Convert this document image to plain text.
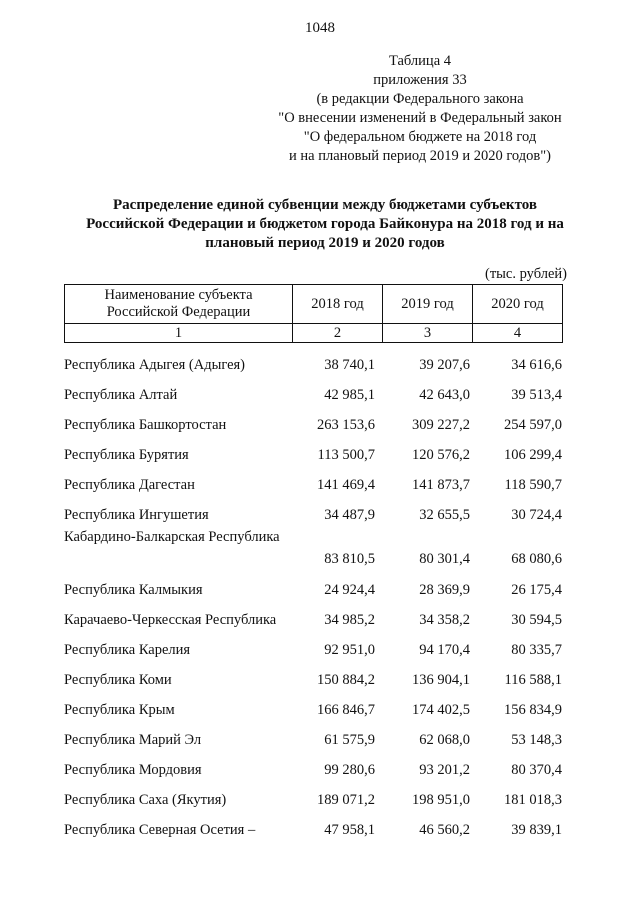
1048
Таблица 4
приложения 33
(в редакции Федерального закона
"О внесении изменений в Федеральный закон
"О федеральном бюджете на 2018 год
и на плановый период 2019 и 2020 годов")
Распределение единой субвенции между бюджетами субъектов
Российской Федерации и бюджетом города Байконура на 2018 год и на
плановый период 2019 и 2020 годов
(тыс. рублей)
Наименование субъекта
Российской Федерации	2018 год	2019 год	2020 год
1	2	3	4
Республика Адыгея (Адыгея)	38 740,1	39 207,6	34 616,6
Республика Алтай	42 985,1	42 643,0	39 513,4
Республика Башкортостан	263 153,6	309 227,2	254 597,0
Республика Бурятия	113 500,7	120 576,2	106 299,4
Республика Дагестан	141 469,4	141 873,7	118 590,7
Республика Ингушетия	34 487,9	32 655,5	30 724,4
Кабардино-Балкарская Республика
83 810,5	80 301,4	68 080,6
Республика Калмыкия	24 924,4	28 369,9	26 175,4
Карачаево-Черкесская Республика	34 985,2	34 358,2	30 594,5
Республика Карелия	92 951,0	94 170,4	80 335,7
Республика Коми	150 884,2	136 904,1	116 588,1
Республика Крым	166 846,7	174 402,5	156 834,9
Республика Марий Эл	61 575,9	62 068,0	53 148,3
Республика Мордовия	99 280,6	93 201,2	80 370,4
Республика Саха (Якутия)	189 071,2	198 951,0	181 018,3
Республика Северная Осетия –	47 958,1	46 560,2	39 839,1
